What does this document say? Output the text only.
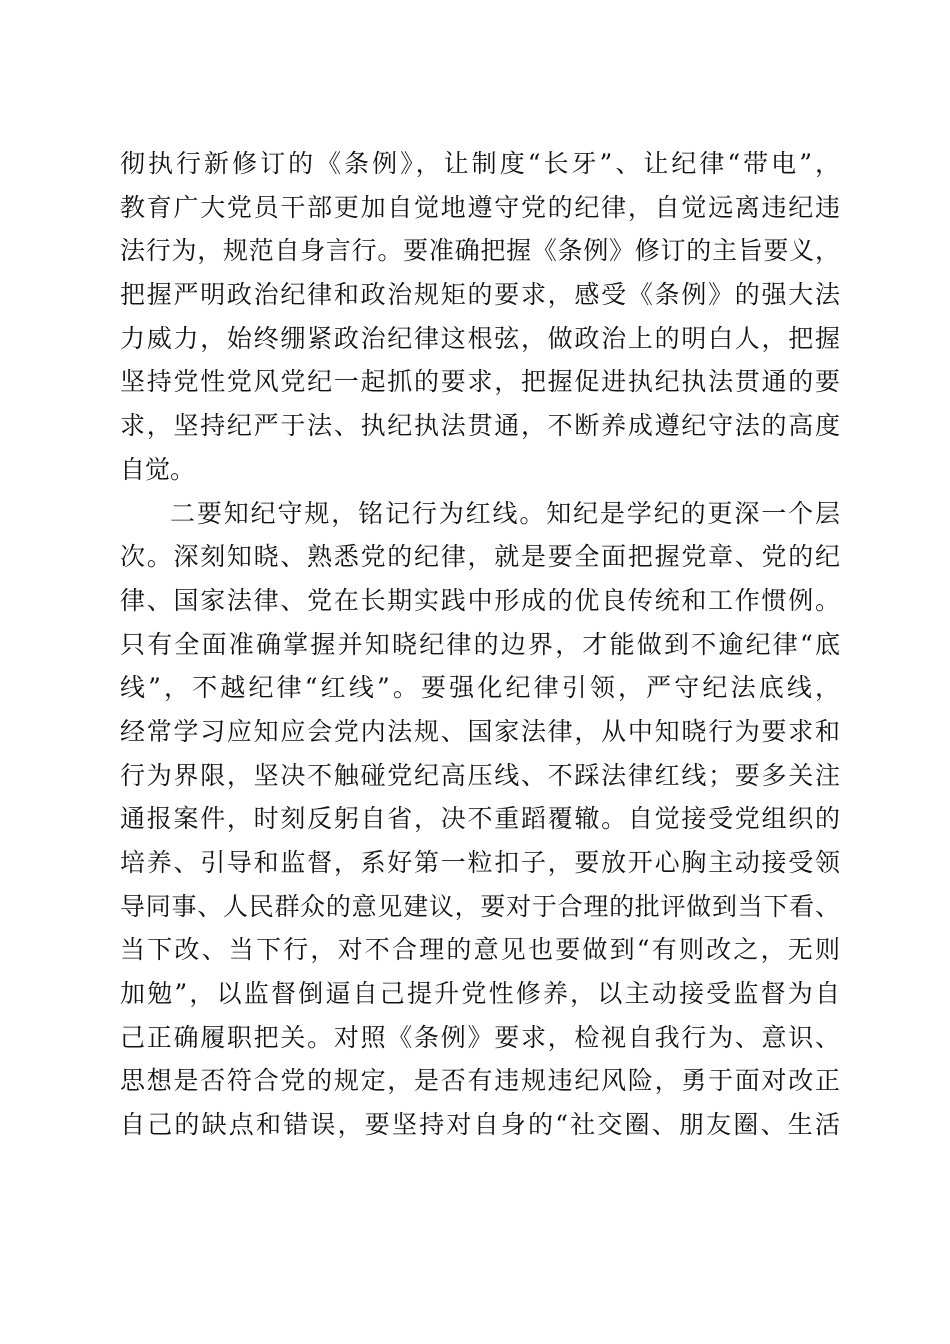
彻执行新修订的《条例》，让制度“长牙”、让纪律“带电”，
教育广大党员干部更加自觉地遵守党的纪律，自觉远离违纪违
法行为，规范自身言行。要准确把握《条例》修订的主旨要义，
把握严明政治纪律和政治规矩的要求，感受《条例》的强大法
力威力，始终绷紧政治纪律这根弦，做政治上的明白人，把握
坚持党性党风党纪一起抓的要求，把握促进执纪执法贯通的要
求，坚持纪严于法、执纪执法贯通，不断养成遵纪守法的高度
自觉。
二要知纪守规，铭记行为红线。知纪是学纪的更深一个层
次。深刻知晓、熟悉党的纪律，就是要全面把握党章、党的纪
律、国家法律、党在长期实践中形成的优良传统和工作惯例。
只有全面准确掌握并知晓纪律的边界，才能做到不逾纪律“底
线”，不越纪律“红线”。要强化纪律引领，严守纪法底线，
经常学习应知应会党内法规、国家法律，从中知晓行为要求和
行为界限，坚决不触碰党纪高压线、不踩法律红线；要多关注
通报案件，时刻反躬自省，决不重蹈覆辙。自觉接受党组织的
培养、引导和监督，系好第一粒扣子，要放开心胸主动接受领
导同事、人民群众的意见建议，要对于合理的批评做到当下看、
当下改、当下行，对不合理的意见也要做到“有则改之，无则
加勉”，以监督倒逼自己提升党性修养，以主动接受监督为自
己正确履职把关。对照《条例》要求，检视自我行为、意识、
思想是否符合党的规定，是否有违规违纪风险，勇于面对改正
自己的缺点和错误，要坚持对自身的“社交圈、朋友圈、生活
